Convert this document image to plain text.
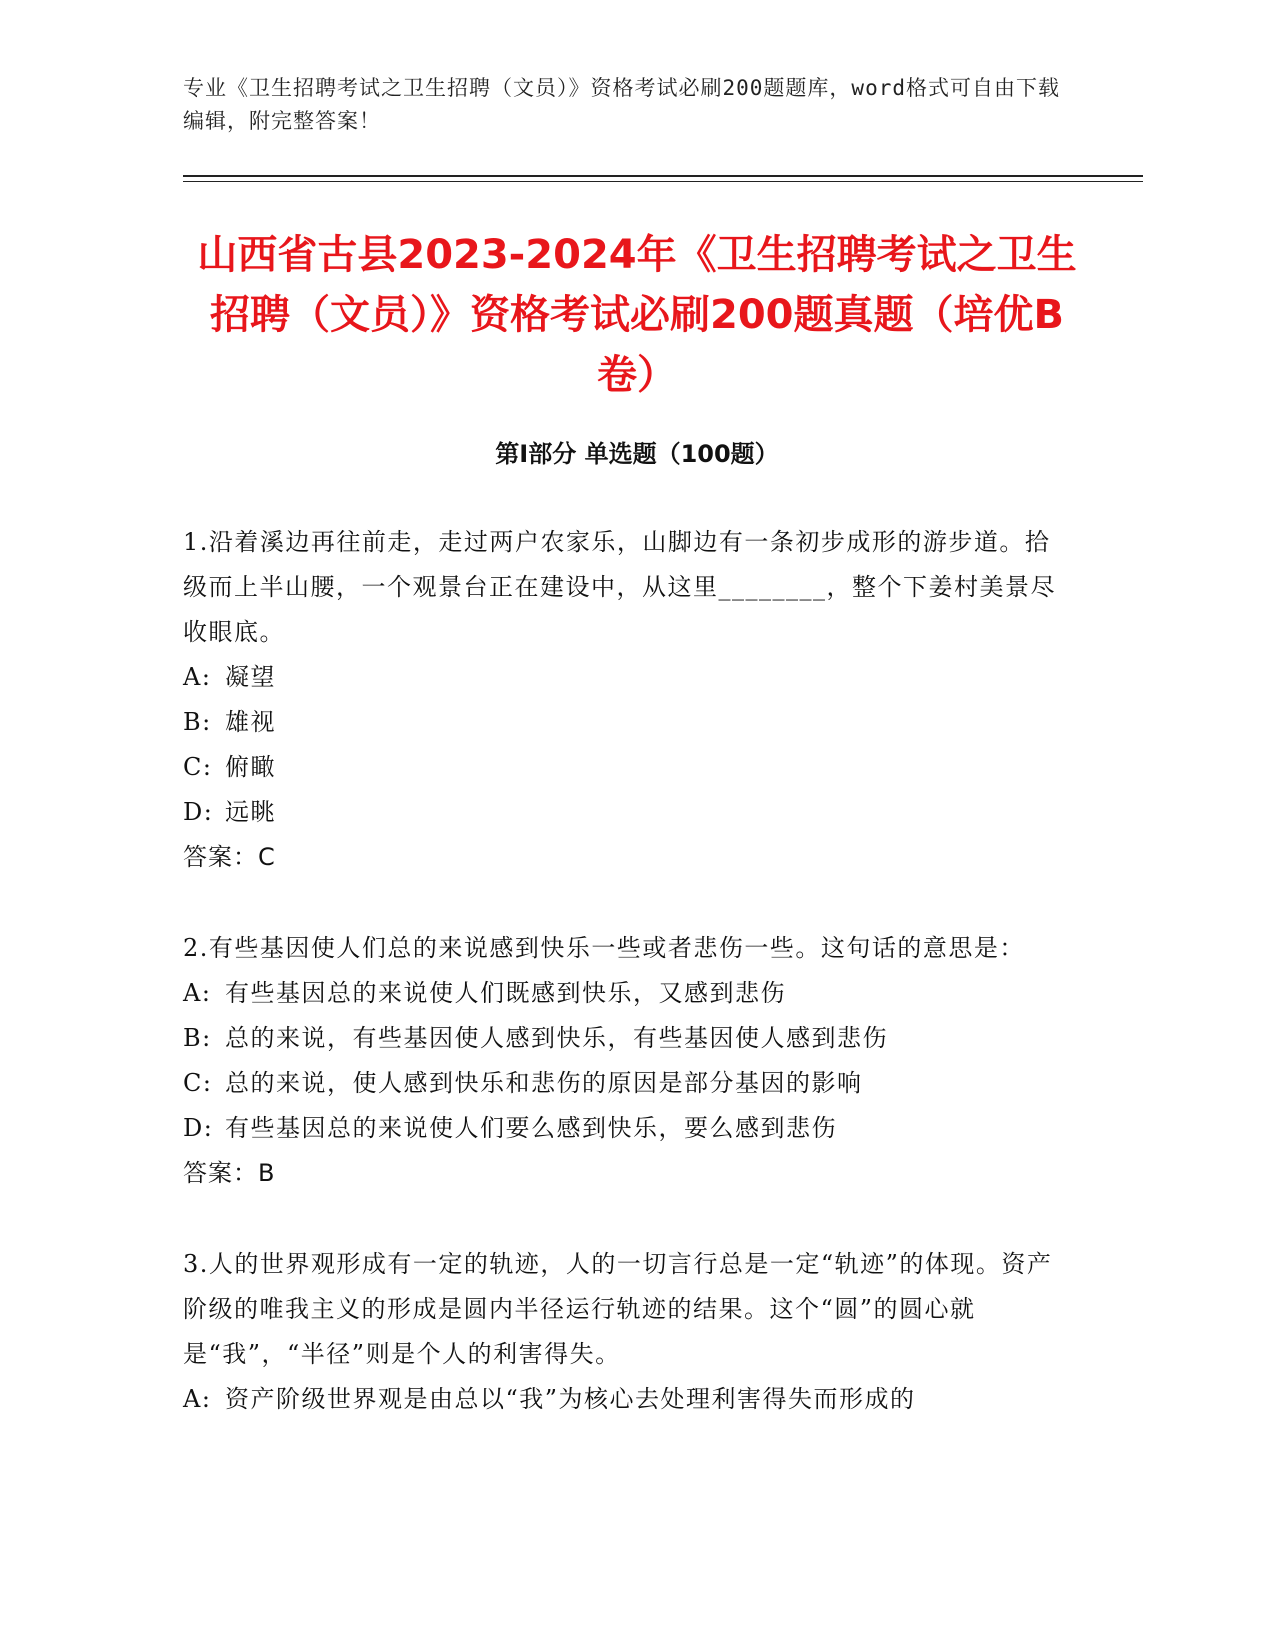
专业《卫生招聘考试之卫生招聘（文员）》资格考试必刷200题题库，word格式可自由下载编辑，附完整答案！
山西省古县2023-2024年《卫生招聘考试之卫生招聘（文员）》资格考试必刷200题真题（培优B卷）
第I部分 单选题（100题）

1.沿着溪边再往前走，走过两户农家乐，山脚边有一条初步成形的游步道。拾级而上半山腰，一个观景台正在建设中，从这里________，整个下姜村美景尽收眼底。

A: 凝望

B: 雄视

C: 俯瞰

D: 远眺

答案：C

2.有些基因使人们总的来说感到快乐一些或者悲伤一些。这句话的意思是：

A: 有些基因总的来说使人们既感到快乐，又感到悲伤

B: 总的来说，有些基因使人感到快乐，有些基因使人感到悲伤

C: 总的来说，使人感到快乐和悲伤的原因是部分基因的影响

D: 有些基因总的来说使人们要么感到快乐，要么感到悲伤

答案：B

3.人的世界观形成有一定的轨迹，人的一切言行总是一定“轨迹”的体现。资产阶级的唯我主义的形成是圆内半径运行轨迹的结果。这个“圆”的圆心就是“我”，“半径”则是个人的利害得失。

A: 资产阶级世界观是由总以“我”为核心去处理利害得失而形成的
